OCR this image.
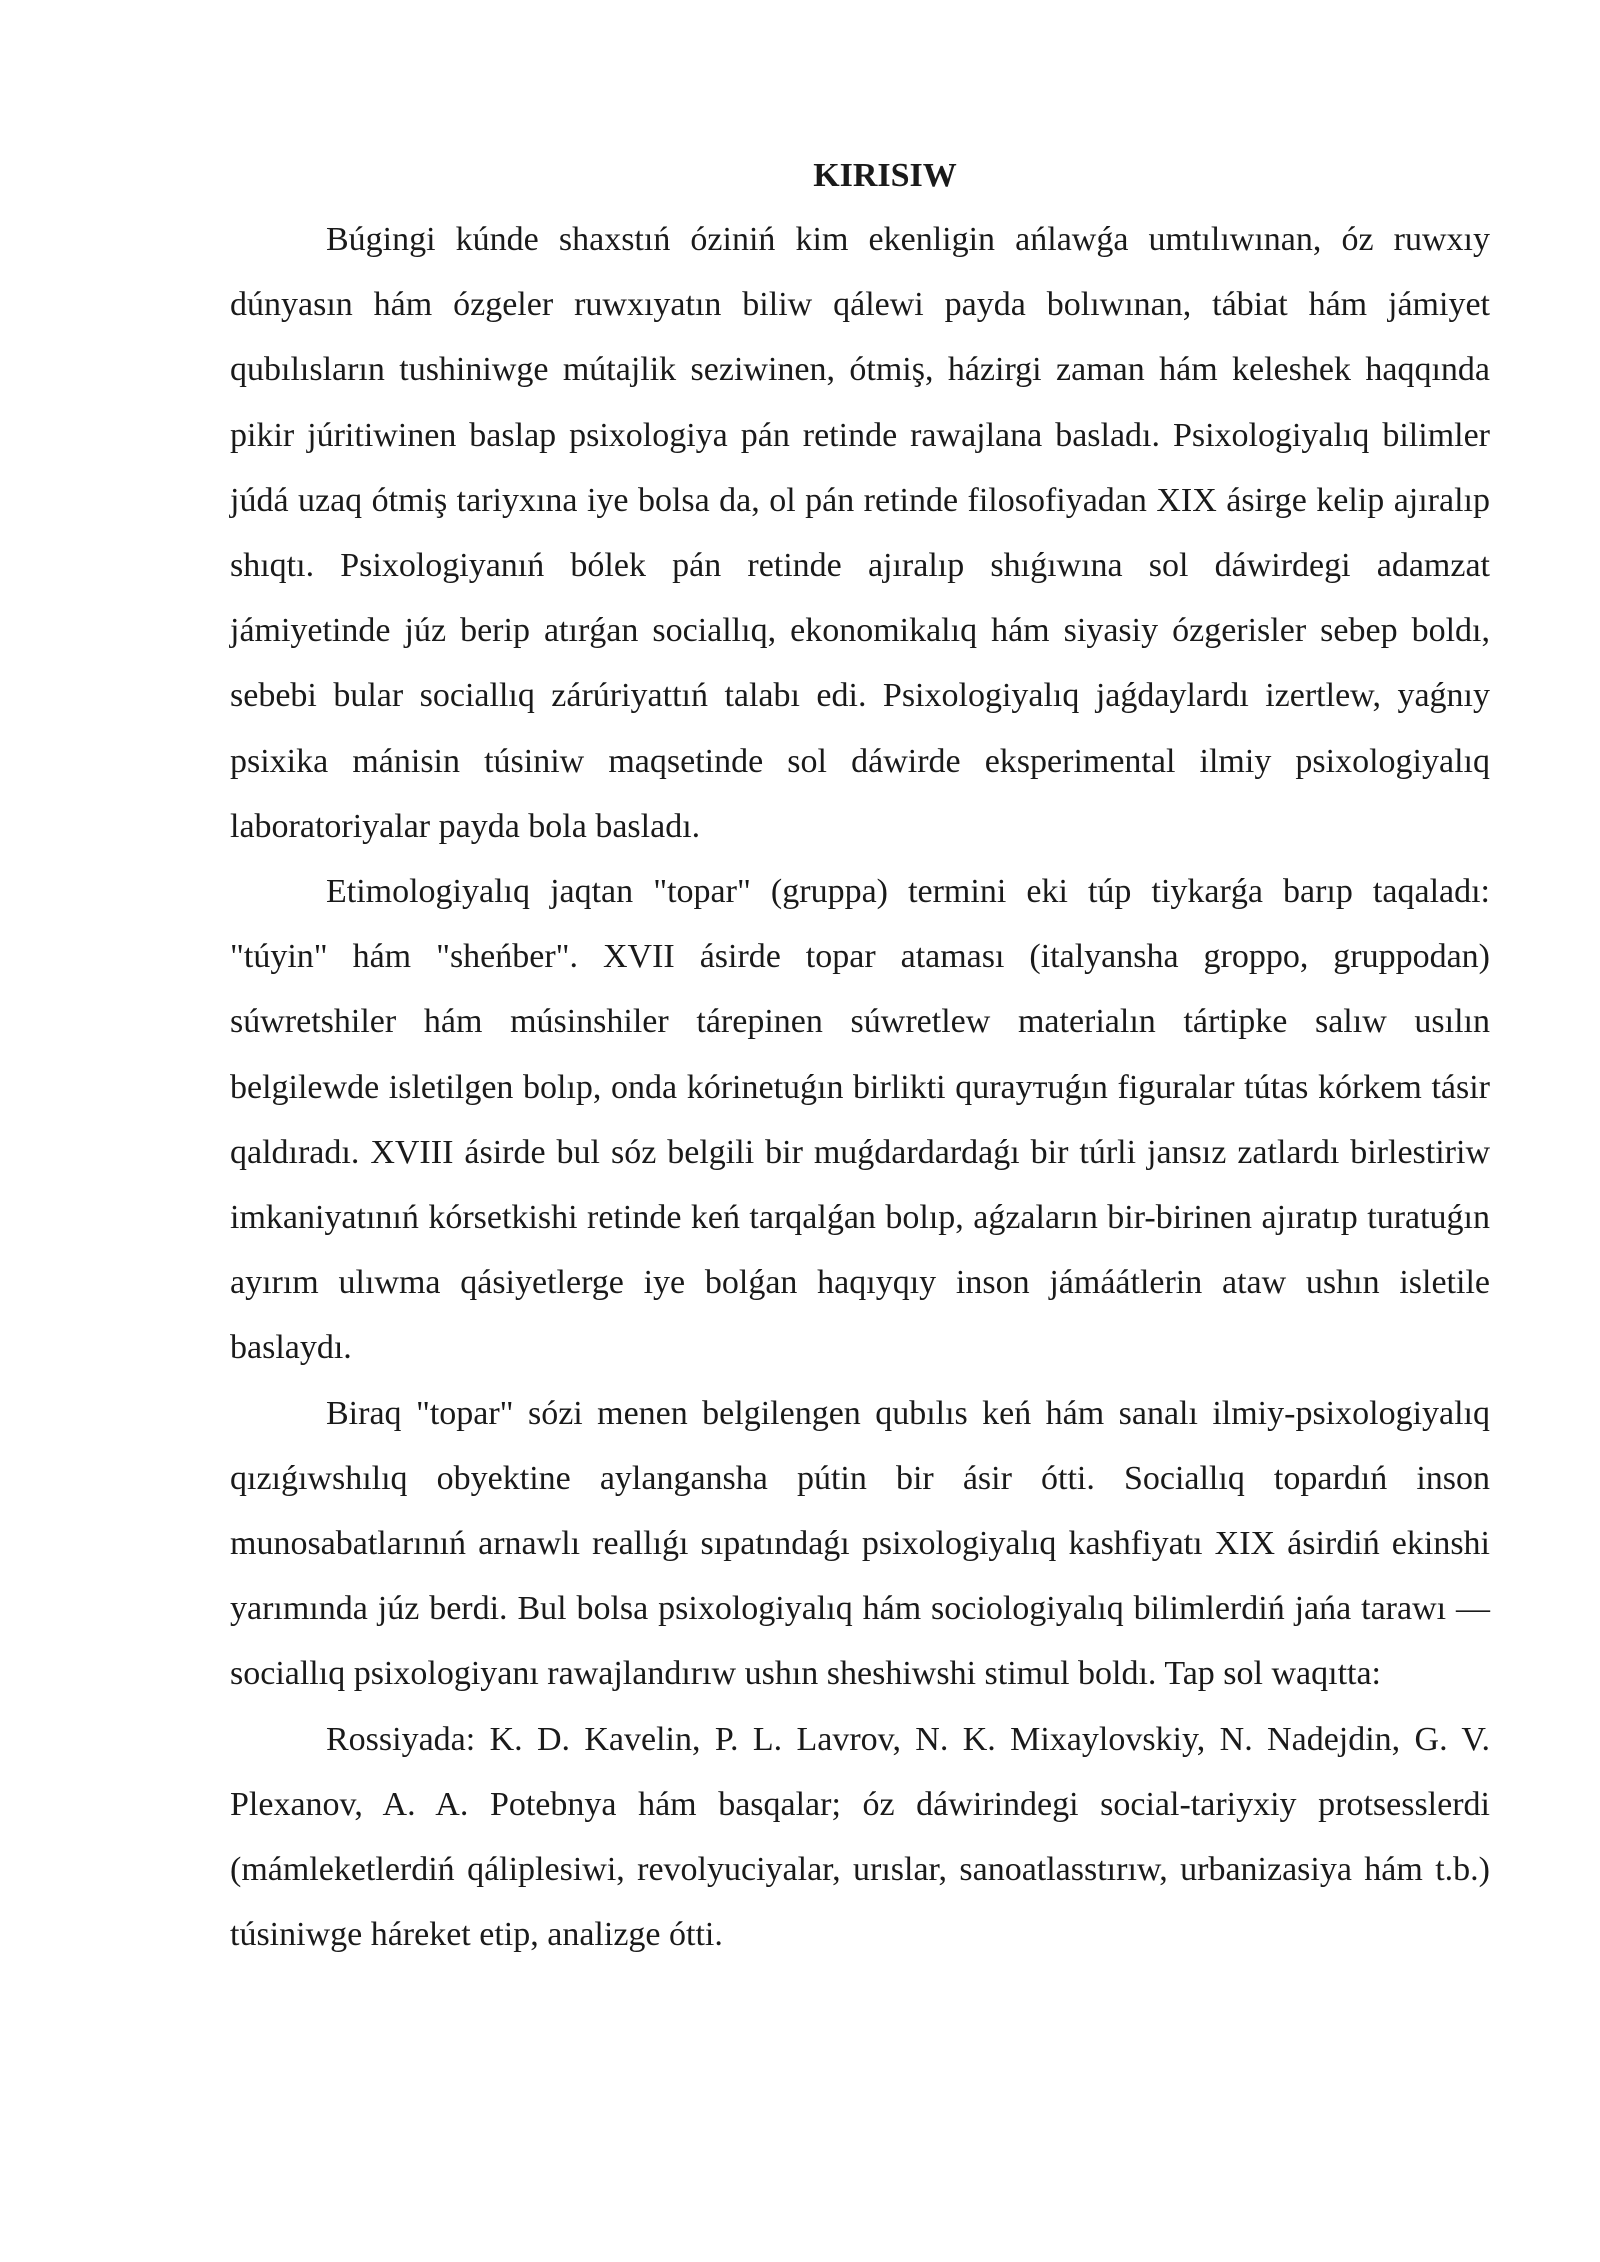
KIRISIW

Búgingi kúnde shaxstıń óziniń kim ekenligin ańlawǵa umtılıwınan, óz ruwxıy dúnyasın hám ózgeler ruwxıyatın biliw qálewi payda bolıwınan, tábiat hám jámiyet qubılısların tushiniwge mútajlik seziwinen, ótmiş, házirgi zaman hám keleshek haqqında pikir júritiwinen baslap psixologiya pán retinde rawajlana basladı. Psixologiyalıq bilimler júdá uzaq ótmiş tariyxına iye bolsa da, ol pán retinde filosofiyadan XIX ásirge kelip ajıralıp shıqtı. Psixologiyanıń bólek pán retinde ajıralıp shıǵıwına sol dáwirdegi adamzat jámiyetinde júz berip atırǵan sociallıq, ekonomikalıq hám siyasiy ózgerisler sebep boldı, sebebi bular sociallıq zárúriyattıń talabı edi. Psixologiyalıq jaǵdaylardı izertlew, yaǵnıy psixika mánisin túsiniw maqsetinde sol dáwirde eksperimental ilmiy psixologiyalıq laboratoriyalar payda bola basladı.

Etimologiyalıq jaqtan "topar" (gruppa) termini eki túp tiykarǵa barıp taqaladı: "túyin" hám "sheńber". XVII ásirde topar ataması (italyansha groppo, gruppodan) súwretshiler hám músinshiler tárepinen súwretlew materialın tártipke salıw usılın belgilewde isletilgen bolıp, onda kórinetuǵın birlikti qurayтuǵın figuralar tútas kórkem tásir qaldıradı. XVIII ásirde bul sóz belgili bir muǵdardardaǵı bir túrli jansız zatlardı birlestiriw imkaniyatınıń kórsetkishi retinde keń tarqalǵan bolıp, aǵzaların bir-birinen ajıratıp turatuǵın ayırım ulıwma qásiyetlerge iye bolǵan haqıyqıy inson jámáátlerin ataw ushın isletile baslaydı.

Biraq "topar" sózi menen belgilengen qubılıs keń hám sanalı ilmiy-psixologiyalıq qızıǵıwshılıq obyektine aylanganshа pútin bir ásir ótti. Sociallıq topardıń inson munosabatlarınıń arnawlı reallıǵı sıpatındaǵı psixologiyalıq kashfiyatı XIX ásirdiń ekinshi yarımında júz berdi. Bul bolsa psixologiyalıq hám sociologiyalıq bilimlerdiń jańa tarawı — sociallıq psixologiyanı rawajlandırıw ushın sheshiwshi stimul boldı. Tap sol waqıtta:

Rossiyada: K. D. Kavelin, P. L. Lavrov, N. K. Mixaylovskiy, N. Nadejdin, G. V. Plexanov, A. A. Potebnya hám basqalar; óz dáwirindegi social-tariyxiy protsesslerdi (mámleketlerdiń qáliplesiwi, revolyuciyalar, urıslar, sanoatlasstırıw, urbanizasiya hám t.b.) túsiniwge háreket etip, analizge ótti.
